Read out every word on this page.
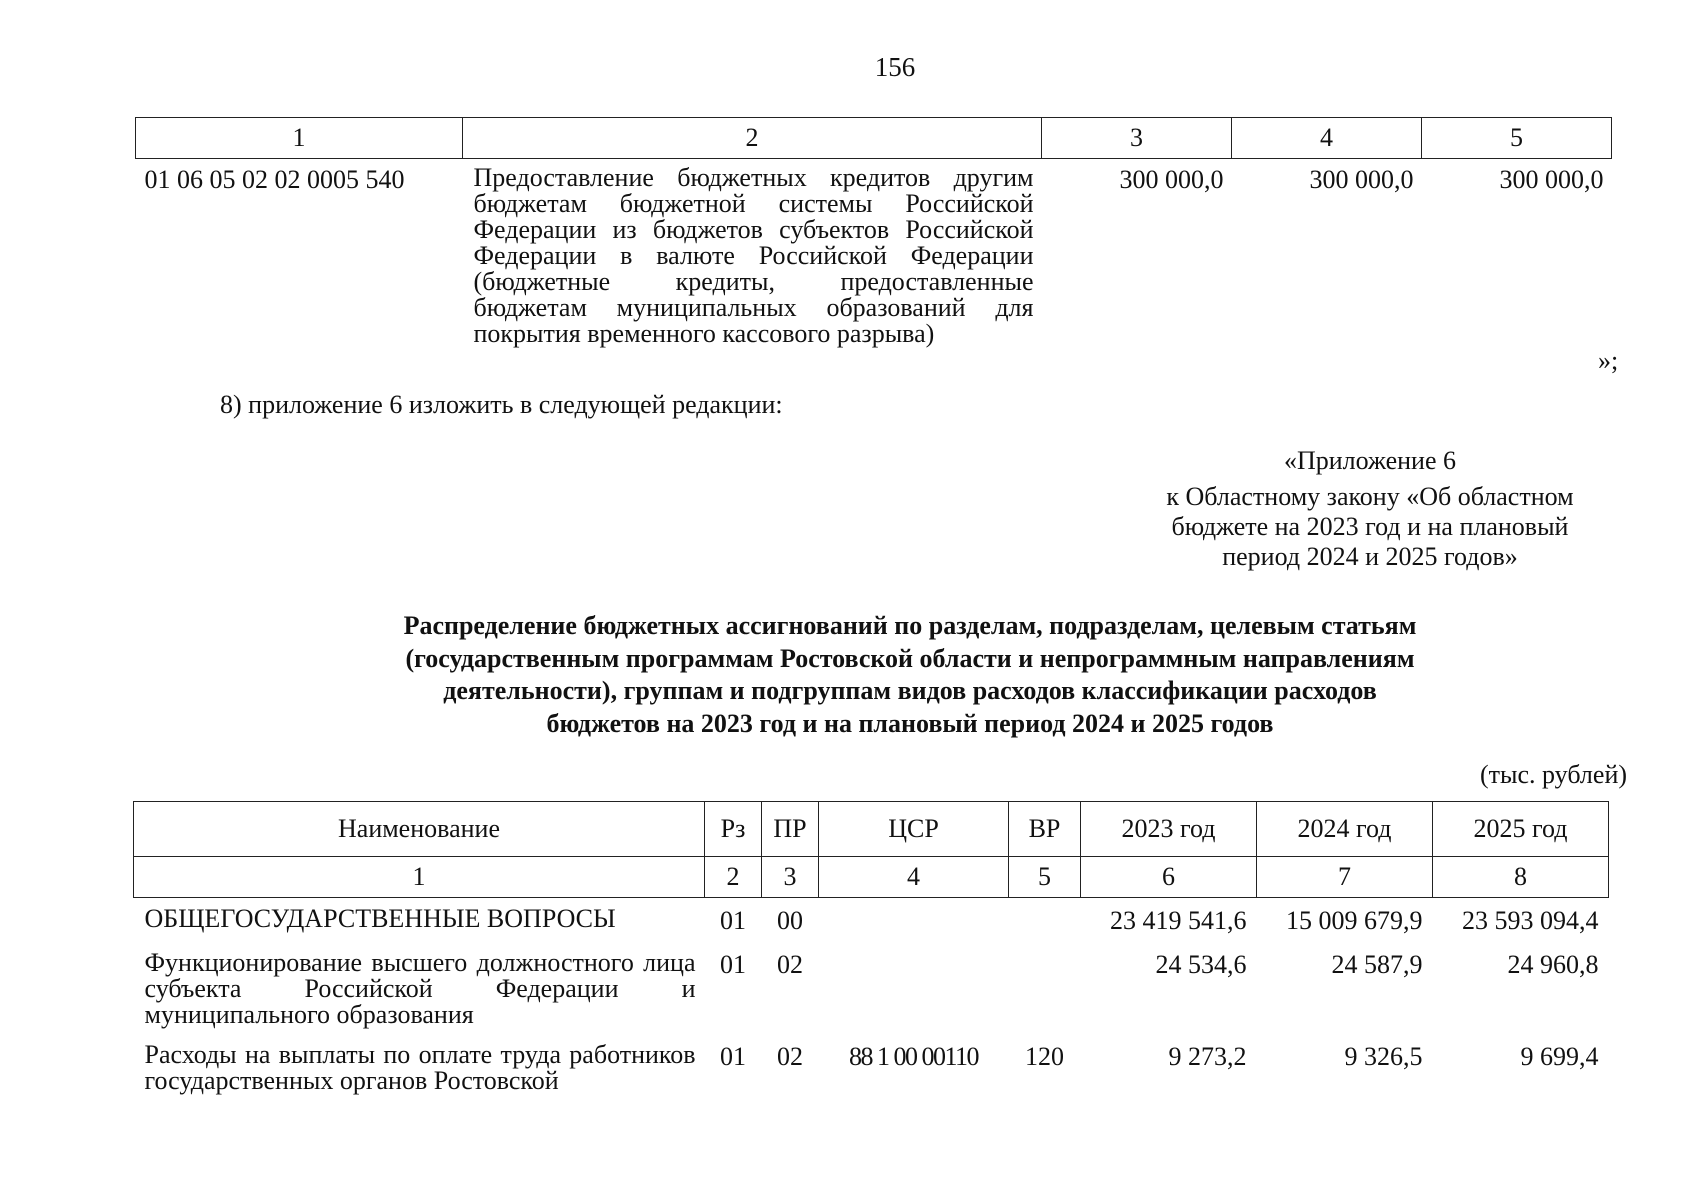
156
1	2	3	4	5
01 06 05 02 02 0005 540	Предоставление бюджетных кредитов другим бюджетам бюджетной системы Российской Федерации из бюджетов субъектов Российской Федерации в валюте Российской Федерации (бюджетные кредиты, предоставленные бюджетам муниципальных образований для покрытия временного кассового разрыва)	300 000,0	300 000,0	300 000,0
»;
8) приложение 6 изложить в следующей редакции:
«Приложение 6
к Областному закону «Об областном
бюджете на 2023 год и на плановый
период 2024 и 2025 годов»
Распределение бюджетных ассигнований по разделам, подразделам, целевым статьям
(государственным программам Ростовской области и непрограммным направлениям
деятельности), группам и подгруппам видов расходов классификации расходов
бюджетов на 2023 год и на плановый период 2024 и 2025 годов
(тыс. рублей)
Наименование	Рз	ПР	ЦСР	ВР	2023 год	2024 год	2025 год
1	2	3	4	5	6	7	8
ОБЩЕГОСУДАРСТВЕННЫЕ ВОПРОСЫ	01	00			23 419 541,6	15 009 679,9	23 593 094,4
Функционирование высшего должностного лица субъекта Российской Федерации и муниципального образования	01	02			24 534,6	24 587,9	24 960,8
Расходы на выплаты по оплате труда работников государственных органов Ростовской	01	02	88 1 00 00110	120	9 273,2	9 326,5	9 699,4
